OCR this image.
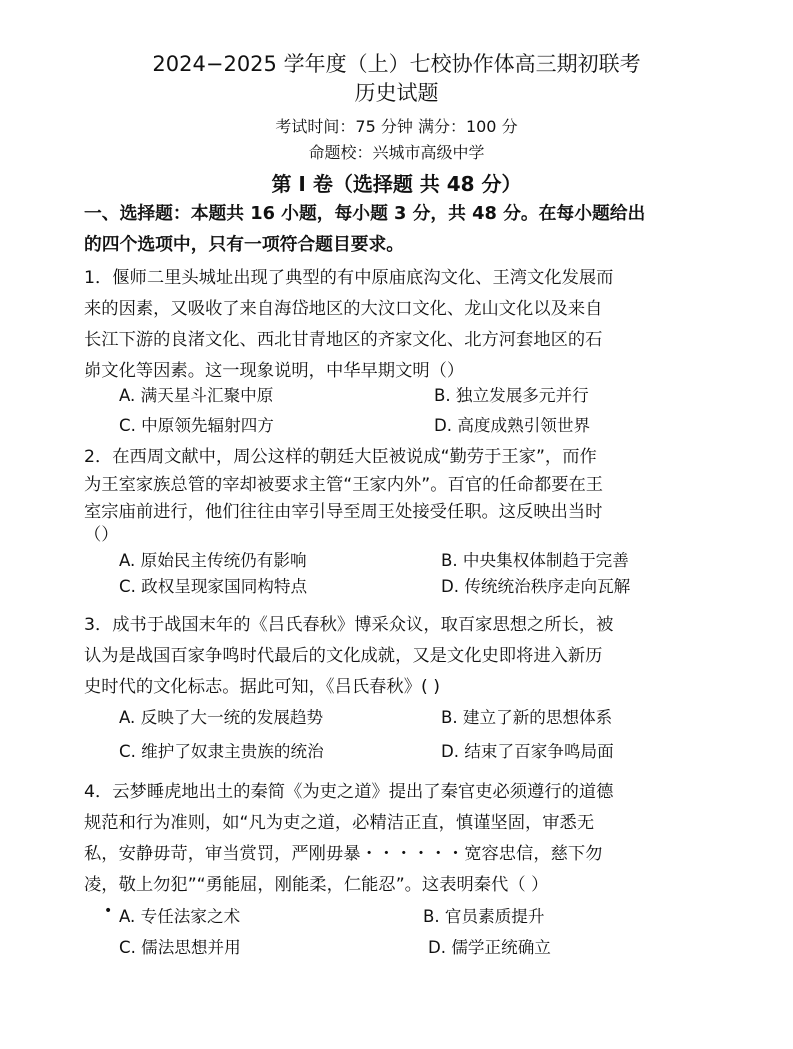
2024−2025 学年度（上）七校协作体高三期初联考
历史试题
考试时间：75 分钟 满分：100 分
命题校：兴城市高级中学
第 I 卷（选择题 共 48 分）
一、选择题：本题共 16 小题，每小题 3 分，共 48 分。在每小题给出
的四个选项中，只有一项符合题目要求。
1．偃师二里头城址出现了典型的有中原庙底沟文化、王湾文化发展而
来的因素，又吸收了来自海岱地区的大汶口文化、龙山文化以及来自
长江下游的良渚文化、西北甘青地区的齐家文化、北方河套地区的石
峁文化等因素。这一现象说明，中华早期文明（）
A. 满天星斗汇聚中原	B. 独立发展多元并行
C. 中原领先辐射四方	D. 高度成熟引领世界
2．在西周文献中，周公这样的朝廷大臣被说成“勤劳于王家”，而作
为王室家族总管的宰却被要求主管“王家内外”。百官的任命都要在王
室宗庙前进行，他们往往由宰引导至周王处接受任职。这反映出当时
（）
A. 原始民主传统仍有影响	B. 中央集权体制趋于完善
C. 政权呈现家国同构特点	D. 传统统治秩序走向瓦解
3．成书于战国末年的《吕氏春秋》博采众议，取百家思想之所长，被
认为是战国百家争鸣时代最后的文化成就，又是文化史即将进入新历
史时代的文化标志。据此可知，《吕氏春秋》( )
A. 反映了大一统的发展趋势	B. 建立了新的思想体系
C. 维护了奴隶主贵族的统治	D. 结束了百家争鸣局面
4．云梦睡虎地出土的秦简《为吏之道》提出了秦官吏必须遵行的道德
规范和行为准则，如“凡为吏之道，必精洁正直，慎谨坚固，审悉无
私，安静毋苛，审当赏罚，严刚毋暴・・・・・・宽容忠信，慈下勿
凌，敬上勿犯”“勇能屈，刚能柔，仁能忍”。这表明秦代（ ）
• A. 专任法家之术	B. 官员素质提升
C. 儒法思想并用	D. 儒学正统确立
